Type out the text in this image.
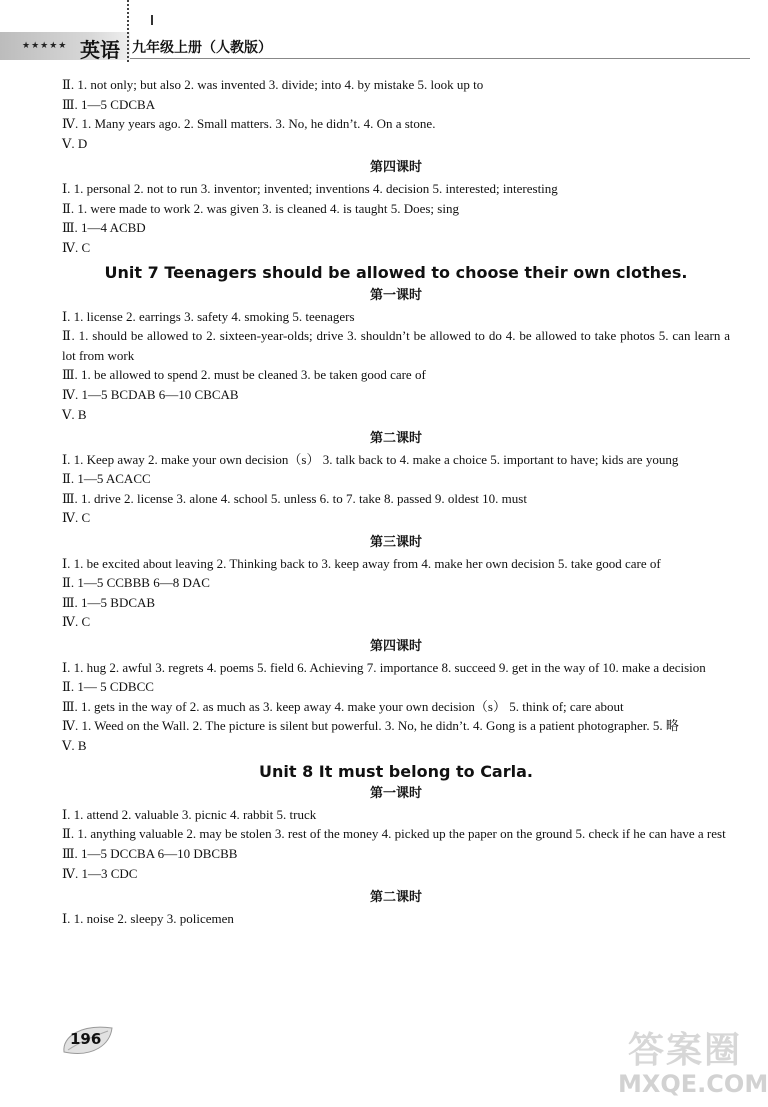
★★★★★ 英语 九年级上册（人教版）
Ⅱ. 1. not only; but also 2. was invented 3. divide; into 4. by mistake 5. look up to
Ⅲ. 1—5 CDCBA
Ⅳ. 1. Many years ago. 2. Small matters. 3. No, he didn’t. 4. On a stone.
Ⅴ. D
第四课时
Ⅰ. 1. personal 2. not to run 3. inventor; invented; inventions 4. decision 5. interested; interesting
Ⅱ. 1. were made to work 2. was given 3. is cleaned 4. is taught 5. Does; sing
Ⅲ. 1—4 ACBD
Ⅳ. C
Unit 7 Teenagers should be allowed to choose their own clothes.
第一课时
Ⅰ. 1. license 2. earrings 3. safety 4. smoking 5. teenagers
Ⅱ. 1. should be allowed to 2. sixteen-year-olds; drive 3. shouldn’t be allowed to do 4. be allowed to take photos 5. can learn a lot from work
Ⅲ. 1. be allowed to spend 2. must be cleaned 3. be taken good care of
Ⅳ. 1—5 BCDAB 6—10 CBCAB
Ⅴ. B
第二课时
Ⅰ. 1. Keep away 2. make your own decision（s） 3. talk back to 4. make a choice 5. important to have; kids are young
Ⅱ. 1—5 ACACC
Ⅲ. 1. drive 2. license 3. alone 4. school 5. unless 6. to 7. take 8. passed 9. oldest 10. must
Ⅳ. C
第三课时
Ⅰ. 1. be excited about leaving 2. Thinking back to 3. keep away from 4. make her own decision 5. take good care of
Ⅱ. 1—5 CCBBB 6—8 DAC
Ⅲ. 1—5 BDCAB
Ⅳ. C
第四课时
Ⅰ. 1. hug 2. awful 3. regrets 4. poems 5. field 6. Achieving 7. importance 8. succeed 9. get in the way of 10. make a decision
Ⅱ. 1— 5 CDBCC
Ⅲ. 1. gets in the way of 2. as much as 3. keep away 4. make your own decision（s） 5. think of; care about
Ⅳ. 1. Weed on the Wall. 2. The picture is silent but powerful. 3. No, he didn’t. 4. Gong is a patient photographer. 5. 略
Ⅴ. B
Unit 8 It must belong to Carla.
第一课时
Ⅰ. 1. attend 2. valuable 3. picnic 4. rabbit 5. truck
Ⅱ. 1. anything valuable 2. may be stolen 3. rest of the money 4. picked up the paper on the ground 5. check if he can have a rest
Ⅲ. 1—5 DCCBA 6—10 DBCBB
Ⅳ. 1—3 CDC
第二课时
Ⅰ. 1. noise 2. sleepy 3. policemen
196	答案圈
MXQE.COM
